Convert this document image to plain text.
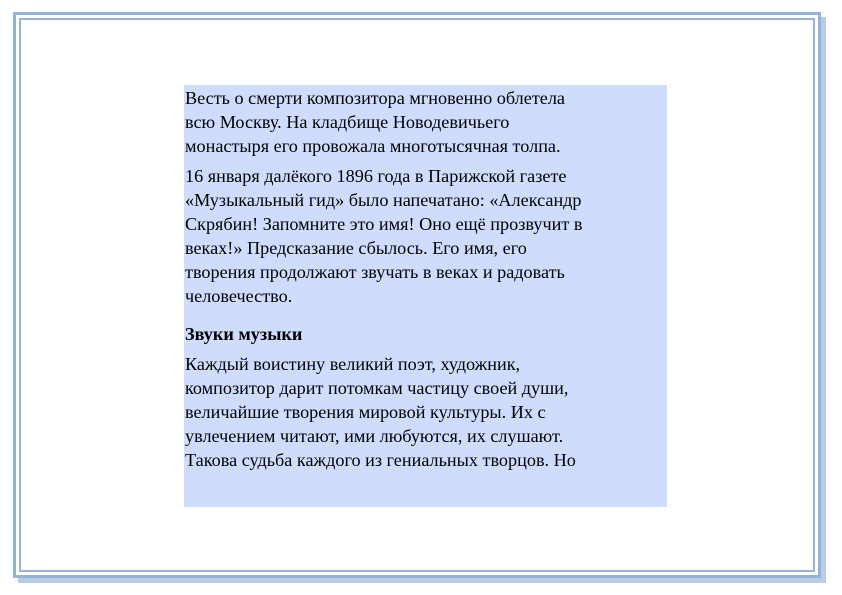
Весть о смерти композитора мгновенно облетела
всю Москву. На кладбище Новодевичьего
монастыря его провожала многотысячная толпа.

16 января далёкого 1896 года в Парижской газете
«Музыкальный гид» было напечатано: «Александр
Скрябин! Запомните это имя! Оно ещё прозвучит в
веках!» Предсказание сбылось. Его имя, его
творения продолжают звучать в веках и радовать
человечество.

Звуки музыки

Каждый воистину великий поэт, художник,
композитор дарит потомкам частицу своей души,
величайшие творения мировой культуры. Их с
увлечением читают, ими любуются, их слушают.
Такова судьба каждого из гениальных творцов. Но
